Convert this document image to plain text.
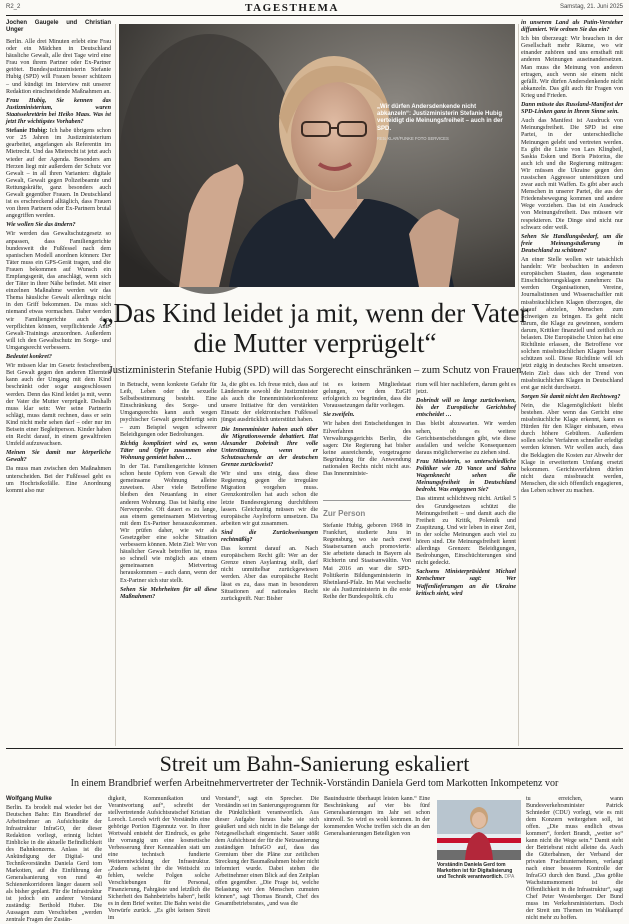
R2_2	TAGESTHEMA	Samstag, 21. Juni 2025
Jochen Gaugele und Christian Unger

Berlin. Alle drei Minuten erlebt eine Frau oder ein Mädchen in Deutschland häusliche Gewalt, alle drei Tage wird eine Frau von ihrem Partner oder Ex-Partner getötet. Bundesjustizministerin Stefanie Hubig (SPD) will Frauen besser schützen – und kündigt im Interview mit unserer Redaktion einschneidende Maßnahmen an.

Frau Hubig, Sie kennen das Justizministerium, waren Staatssekretärin bei Heiko Maas. Was ist jetzt Ihr wichtigstes Vorhaben?

Stefanie Hubig: Ich habe übrigens schon vor 25 Jahren im Justizministerium gearbeitet, angefangen als Referentin im Mietrecht. Und das Mietrecht ist jetzt auch wieder auf der Agenda. Besonders am Herzen liegt mir außerdem der Schutz vor Gewalt – in all ihren Varianten: digitale Gewalt, Gewalt gegen Polizeibeamte und Rettungskräfte, ganz besonders auch Gewalt gegenüber Frauen. In Deutschland ist es erschreckend alltäglich, dass Frauen von ihren Partnern oder Ex-Partnern brutal angegriffen werden.

Wie wollen Sie das ändern?

Wir werden das Gewaltschutzgesetz so anpassen, dass Familiengerichte bundesweit die Fußfessel nach dem spanischen Modell anordnen können: Der Täter muss ein GPS-Gerät tragen, und die Frauen bekommen auf Wunsch ein Empfangsgerät, das anschlägt, wenn sich der Täter in ihrer Nähe befindet. Mit einer einzelnen Maßnahme werden wir das Thema häusliche Gewalt allerdings nicht in den Griff bekommen. Da muss sich niemand etwas vormachen. Daher werden wir Familiengerichte auch dazu verpflichten können, verpflichtende Anti-Gewalt-Trainings anzuordnen. Außerdem will ich den Gewaltschutz im Sorge- und Umgangsrecht verbessern.

Bedeutet konkret?

Wir müssen klar im Gesetz festschreiben: Bei Gewalt gegen den anderen Elternteil kann auch der Umgang mit dem Kind beschränkt oder sogar ausgeschlossen werden. Denn das Kind leidet ja mit, wenn der Vater die Mutter verprügelt. Deshalb muss klar sein: Wer seine Partnerin schlägt, muss damit rechnen, dass er sein Kind nicht mehr sehen darf – oder nur im Beisein einer Begleitperson. Kinder haben ein Recht darauf, in einem gewaltfreien Umfeld aufzuwachsen.

Meinen Sie damit nur körperliche Gewalt?

Da muss man zwischen den Maßnahmen unterscheiden. Bei der Fußfessel geht es um Hochrisikofälle. Eine Anordnung kommt also nur

„Wir dürfen Andersdenkende nicht abkanzeln“: Justizministerin Stefanie Hubig verteidigt die Meinungsfreiheit – auch in der SPD.
REto KLAR/FUNKE FOTO SERVICES

in unserem Land als Putin-Versteher diffamiert. Wie ordnen Sie das ein?

Ich bin überzeugt: Wir brauchen in der Gesellschaft mehr Räume, wo wir einander zuhören und uns ernsthaft mit anderen Meinungen auseinandersetzen. Man muss die Meinung von anderen ertragen, auch wenn sie einem nicht gefällt. Wir dürfen Andersdenkende nicht abkanzeln. Das gilt auch für Fragen von Krieg und Frieden.

Dann müsste das Russland-Manifest der SPD-Linken ganz in Ihrem Sinne sein.

Auch das Manifest ist Ausdruck von Meinungsfreiheit. Die SPD ist eine Partei, in der unterschiedliche Meinungen gelebt und vertreten werden. Es gibt die Linie von Lars Klingbeil, Saskia Esken und Boris Pistorius, die auch ich und die Regierung mittragen: Wir müssen die Ukraine gegen den russischen Aggressor unterstützen und zwar auch mit Waffen. Es gibt aber auch Menschen in unserer Partei, die aus der Friedensbewegung kommen und andere Wege vorziehen. Das ist ein Ausdruck von Meinungsfreiheit. Das müssen wir respektieren. Die Dinge sind nicht nur schwarz oder weiß.

Sehen Sie Handlungsbedarf, um die freie Meinungsäußerung in Deutschland zu schützen?

An einer Stelle wollen wir tatsächlich handeln: Wir beobachten in anderen europäischen Staaten, dass sogenannte Einschüchterungsklagen zunehmen: Da werden Organisationen, Vereine, Journalistinnen und Wissenschaftler mit missbräuchlichen Klagen überzogen, die darauf abzielen, Menschen zum Schweigen zu bringen. Es geht nicht darum, die Klage zu gewinnen, sondern darum, Kritiker finanziell und zeitlich zu belasten. Die Europäische Union hat eine Richtlinie erlassen, die Betroffene vor solchen missbräuchlichen Klagen besser schützen soll. Diese Richtlinie will ich jetzt zügig in deutsches Recht umsetzen. Mein Ziel: dass sich der Trend von missbräuchlichen Klagen in Deutschland erst gar nicht durchsetzt.

Sorgen Sie damit nicht den Rechtsweg?

Nein, die Klagemöglichkeit bleibt bestehen. Aber wenn das Gericht eine missbräuchliche Klage erkennt, kann es Hürden für den Kläger einbauen, etwa durch höhere Gebühren. Außerdem sollen solche Verfahren schneller erledigt werden können. Wir wollen auch, dass die Beklagten die Kosten zur Abwehr der Klage in erweitertem Umfang ersetzt bekommen. Gerichtsverfahren dürfen nicht dazu missbraucht werden, Menschen, die sich öffentlich engagieren, das Leben schwer zu machen.

„Das Kind leidet ja mit, wenn der Vater die Mutter verprügelt“
Justizministerin Stefanie Hubig (SPD) will das Sorgerecht einschränken – zum Schutz von Frauen

in Betracht, wenn konkrete Gefahr für Leib, Leben oder die sexuelle Selbstbestimmung besteht. Eine Einschränkung des Sorge- und Umgangsrechts kann auch wegen psychischer Gewalt gerechtfertigt sein – zum Beispiel wegen schwerer Beleidigungen oder Bedrohungen.

Richtig kompliziert wird es, wenn Täter und Opfer zusammen eine Wohnung gemietet haben …

In der Tat. Familiengerichte können schon heute Opfern von Gewalt die gemeinsame Wohnung alleine zuweisen. Aber viele Betroffene bleiben den Neuanfang in einer anderen Wohnung. Das ist häufig eine Nervenprobe. Oft dauert es zu lange, aus einem gemeinsamen Mietvertrag mit dem Ex-Partner herauszukommen. Wir prüfen daher, wie wir als Gesetzgeber eine solche Situation verbessern können. Mein Ziel: Wer von häuslicher Gewalt betroffen ist, muss so schnell wie möglich aus einem gemeinsamen Mietvertrag herauskommen – auch dann, wenn der Ex-Partner sich stur stellt.

Sehen Sie Mehrheiten für all diese Maßnahmen?

Ja, die gibt es. Ich freue mich, dass auf Länderseite sowohl die Justizminister als auch die Innenministerkonferenz unsere Initiative für den verstärkten Einsatz der elektronischen Fußfessel jüngst ausdrücklich unterstützt haben.

Die Innenminister haben auch über die Migrationswende debattiert. Hat Alexander Dobrindt Ihre volle Unterstützung, wenn er Schutzsuchende an der deutschen Grenze zurückweist?

Wir sind uns einig, dass diese Regierung gegen die irreguläre Migration vorgehen muss. Grenzkontrollen hat auch schon die letzte Bundesregierung durchführen lassen. Gleichzeitig müssen wir die europäische Asylreform umsetzen. Da arbeiten wir gut zusammen.

Sind die Zurückweisungen rechtmäßig?

Das kommt darauf an. Nach europäischem Recht gilt: Wer an der Grenze einen Asylantrag stellt, darf nicht unmittelbar zurückgewiesen werden. Aber das europäische Recht lässt es zu, dass man in besonderen Situationen auf nationales Recht zurückgreift. Nur: Bisher

ist es keinem Mitgliedstaat gelungen, vor dem EuGH erfolgreich zu begründen, dass die Voraussetzungen dafür vorliegen.

Sie zweifeln.

Wir haben drei Entscheidungen in Eilverfahren des Verwaltungsgerichts Berlin, die sagen: Die Regierung hat bisher keine ausreichende, vorgetragene Begründung für die Anwendung nationalen Rechts nicht nicht aus. Das Innenministe-

rium will hier nachliefern, darum geht es jetzt.

Dobrindt will so lange zurückweisen, bis der Europäische Gerichtshof entscheidet …

Das bleibt abzuwarten. Wir werden sehen, ob es weitere Gerichtsentscheidungen gibt, wie diese ausfallen und welche Konsequenzen daraus möglicherweise zu ziehen sind.

Frau Ministerin, so unterschiedliche Politiker wie JD Vance und Sahra Wagenknecht sehen die Meinungsfreiheit in Deutschland bedroht. Was entgegnen Sie?

Das stimmt schlichtweg nicht. Artikel 5 des Grundgesetzes schützt die Meinungsfreiheit – und damit auch die Freiheit zu Kritik, Polemik und Zuspitzung. Und wir leben in einer Zeit, in der solche Meinungen auch viel zu hören sind. Die Meinungsfreiheit kennt allerdings Grenzen: Beleidigungen, Bedrohungen, Einschüchterungen sind nicht gedeckt.

Sachsens Ministerpräsident Michael Kretschmer sagt: Wer Waffenlieferungen an die Ukraine kritisch sieht, wird

Zur Person
Stefanie Hubig, geboren 1968 in Frankfurt, studierte Jura in Regensburg, wo sie nach zwei Staatsexamen auch promovierte. Sie arbeitete danach in Bayern als Richterin und Staatsanwältin. Von Mai 2016 an war die SPD-Politikerin Bildungsministerin in Rheinland-Pfalz. Im Mai wechselte sie als Justizministerin in die erste Reihe der Bundespolitik. cfu
Streit um Bahn-Sanierung eskaliert
In einem Brandbrief werfen Arbeitnehmervertreter der Technik-Vorständin Daniela Gerd tom Markotten Inkompetenz vor
Wolfgang Mulke

Berlin. Es brodelt mal wieder bei der Deutschen Bahn: Ein Brandbrief der Arbeitnehmer an Aufsichtsräte der Infrastruktur InfraGO, der dieser Redaktion vorliegt, erinnig lichtet Einblicke in die aktuelle Befindlichkeit des Bahnkonzerns. Anlass ist die Ankündigung der Digital- und Technikvorständin Daniela Gerd tom Markotten, auf die Einführung der Generalsanierung von rund 40 Schienenkorridoren länger dauern soll als bisher geplant. Für die Infrastruktur ist jedoch ein anderer Vorstand zuständig: Berthold Huber. Die Aussagen zum Verschieben „werden zentrale Fragen der Zustän-

digkeit, Kommunikation und Verantwortung auf“, schreibt der stellvertretende Aufsichtsratschef Kristian Loroch. Loroch wirft der Vorständin eine gehörige Portion Eigennutz vor. In ihrer Wortwahl entsteht der Eindruck, es gehe ihr vorrangig um eine kosmetische Verbesserung ihrer Kennzahlen statt um eine technisch fundierte Weiterentwicklung der Infrastruktur. „Zudem scheint ihr die Weitsicht zu fehlen, welche Folgen solche Verschiebungen für Personal, Finanzierung, Fahrgäste und letztlich die Sicherheit des Bahnbetriebs haben“, heißt es in dem Brief weiter. Die Bahn weist die Vorwürfe zurück. „Es gibt keinen Streit im

Vorstand“, sagt ein Sprecher. Die Vorständin sei im Sanierungsprogramm für die Pünktlichkeit verantwortlich. Aus dieser Aufgabe heraus habe sie sich geäußert und sich nicht in die Belange der Netzgesellschaft eingemischt. Sauer stößt dem Aufsichtsrat der für die Netzsanierung zuständigen InfraGO auf, dass das Gremium über die Pläne zur zeitlichen Streckung der Baumaßnahmen bisher nicht informiert wurde. Dabei stehen die Arbeitnehmer einen Blick auf den Zeitplan offen gegenüber. „Die Frage ist, welche Belastung wir den Menschen zumuten können“, sagt Thomas Brandt, Chef des Gesamtbetriebsrates, „und was die

Bauindustrie überhaupt leisten kann.“ Eine Beschränkung auf vier bis fünf Generalsanierungen im Jahr sei schon sinnvoll. So wird es wohl kommen. In der kommenden Woche treffen sich die an den Generalsanierungen Beteiligten von

Vorständin Daniela Gerd tom Markotten ist für Digitalisierung und Technik verantwortlich. DPA

tu erreichen, wann Bundesverkehrsminister Patrick Schnieder (CDU) vorlegt, wie es mit dem Konzern weitergehen soll, ist offen. „Die muss endlich etwas kommen“, fordert Brandt, „weiter so“ kann nicht die Wege sein.“ Damit steht der Betriebsrat nicht alleine da. Auch die Güterbahnen, der Verband der privaten Frachtunternehmen, verlangt nach einer besseren Kontrolle der InfraGO durch den Bund. „Das größte Wachstumsmoment ist die Öffentlichkeit in die Infrastruktur“, sagt Chef Peter Westenberger. Der Bund muss im Verkehrsministerium. Doch der Streit um Themen im Wahlkampf nicht mehr zu hoffen.
